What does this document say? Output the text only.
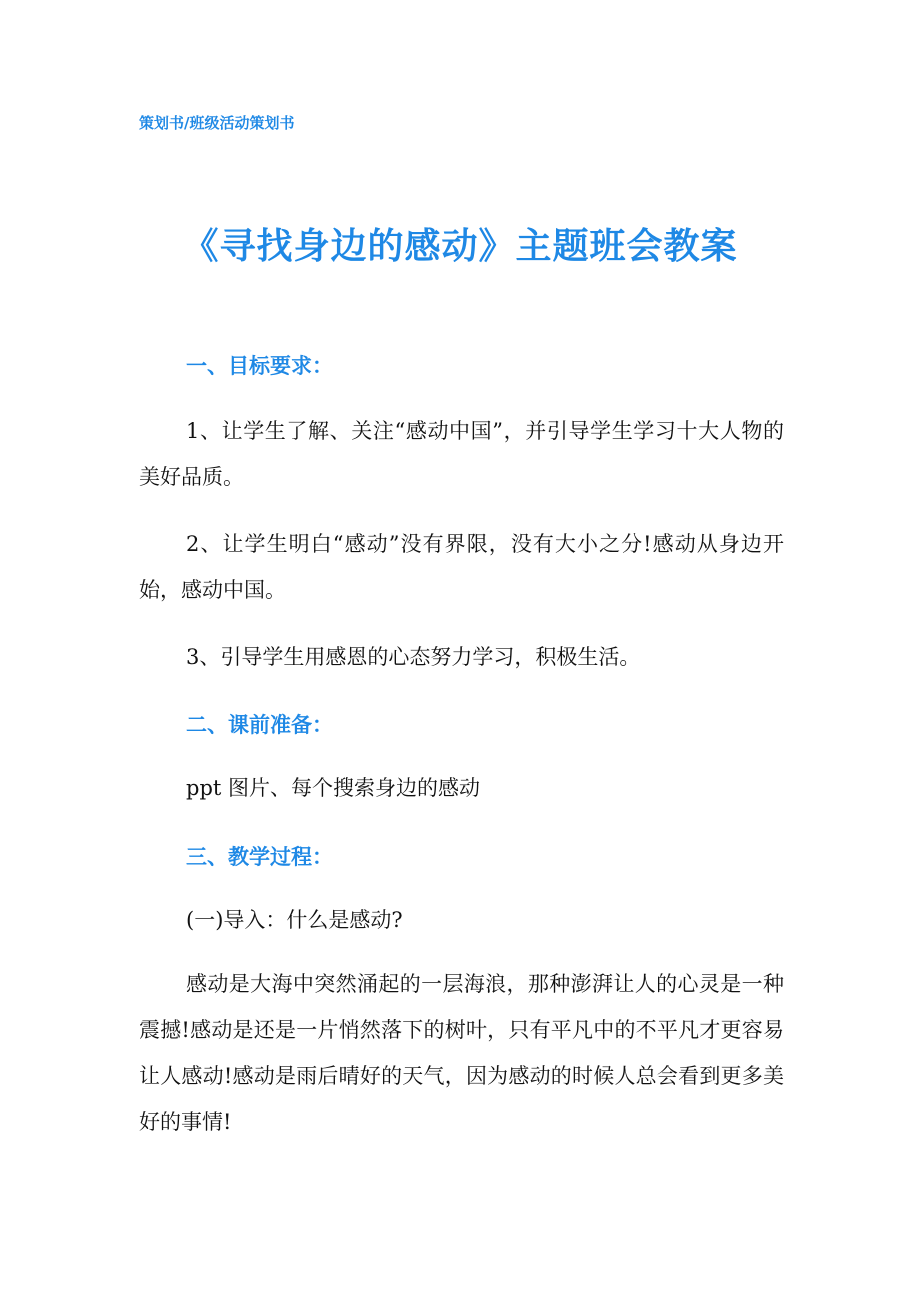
策划书/班级活动策划书
《寻找身边的感动》主题班会教案
一、目标要求：
1、让学生了解、关注“感动中国”，并引导学生学习十大人物的美好品质。
2、让学生明白“感动”没有界限，没有大小之分!感动从身边开始，感动中国。
3、引导学生用感恩的心态努力学习，积极生活。
二、课前准备：
ppt 图片、每个搜索身边的感动
三、教学过程：
(一)导入：什么是感动?
感动是大海中突然涌起的一层海浪，那种澎湃让人的心灵是一种震撼!感动是还是一片悄然落下的树叶，只有平凡中的不平凡才更容易让人感动!感动是雨后晴好的天气，因为感动的时候人总会看到更多美好的事情!
